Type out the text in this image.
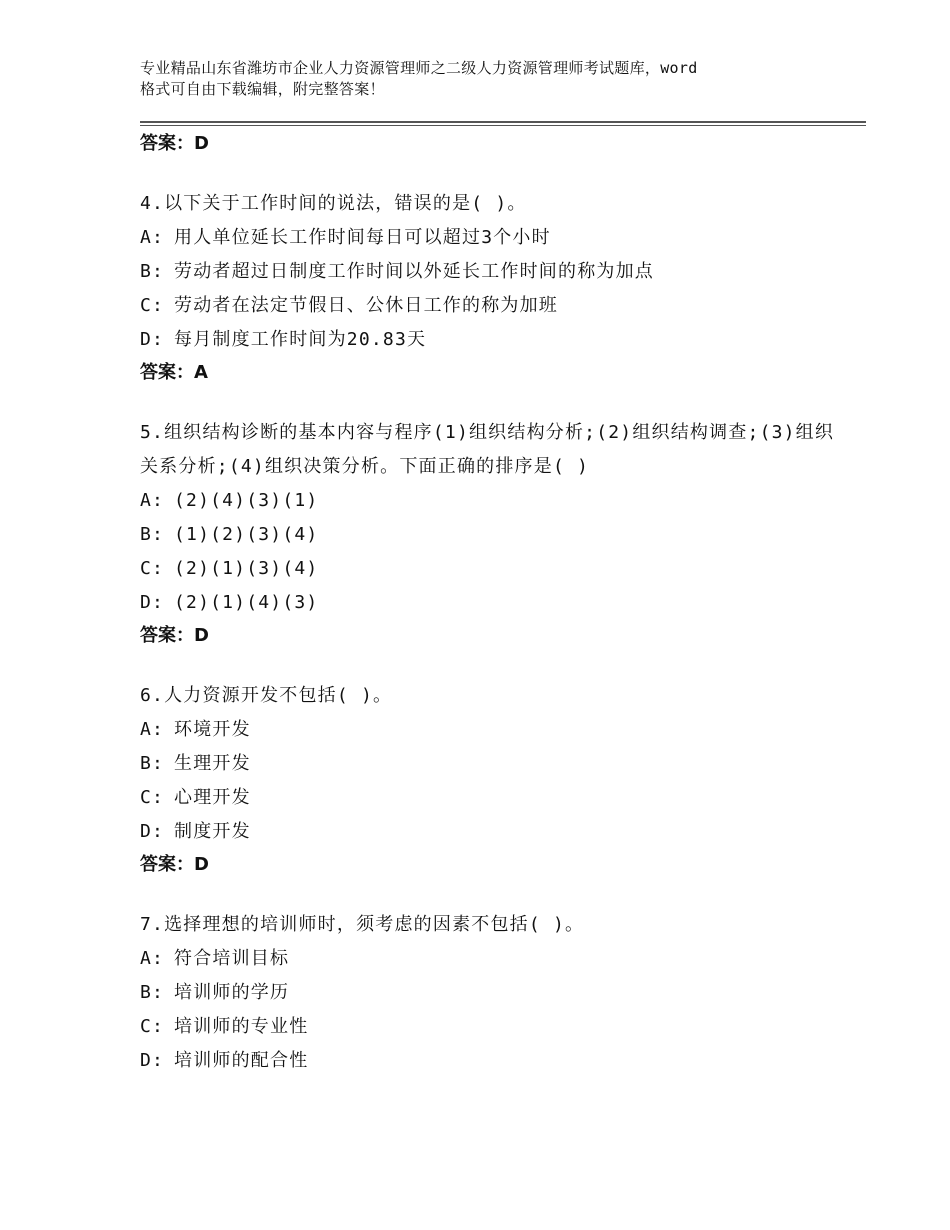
专业精品山东省潍坊市企业人力资源管理师之二级人力资源管理师考试题库，word
格式可自由下载编辑，附完整答案！
答案：D
4.以下关于工作时间的说法，错误的是( )。
A: 用人单位延长工作时间每日可以超过3个小时
B: 劳动者超过日制度工作时间以外延长工作时间的称为加点
C: 劳动者在法定节假日、公休日工作的称为加班
D: 每月制度工作时间为20.83天
答案：A
5.组织结构诊断的基本内容与程序(1)组织结构分析;(2)组织结构调查;(3)组织关系分析;(4)组织决策分析。下面正确的排序是( )
A: (2)(4)(3)(1)
B: (1)(2)(3)(4)
C: (2)(1)(3)(4)
D: (2)(1)(4)(3)
答案：D
6.人力资源开发不包括( )。
A: 环境开发
B: 生理开发
C: 心理开发
D: 制度开发
答案：D
7.选择理想的培训师时，须考虑的因素不包括( )。
A: 符合培训目标
B: 培训师的学历
C: 培训师的专业性
D: 培训师的配合性
